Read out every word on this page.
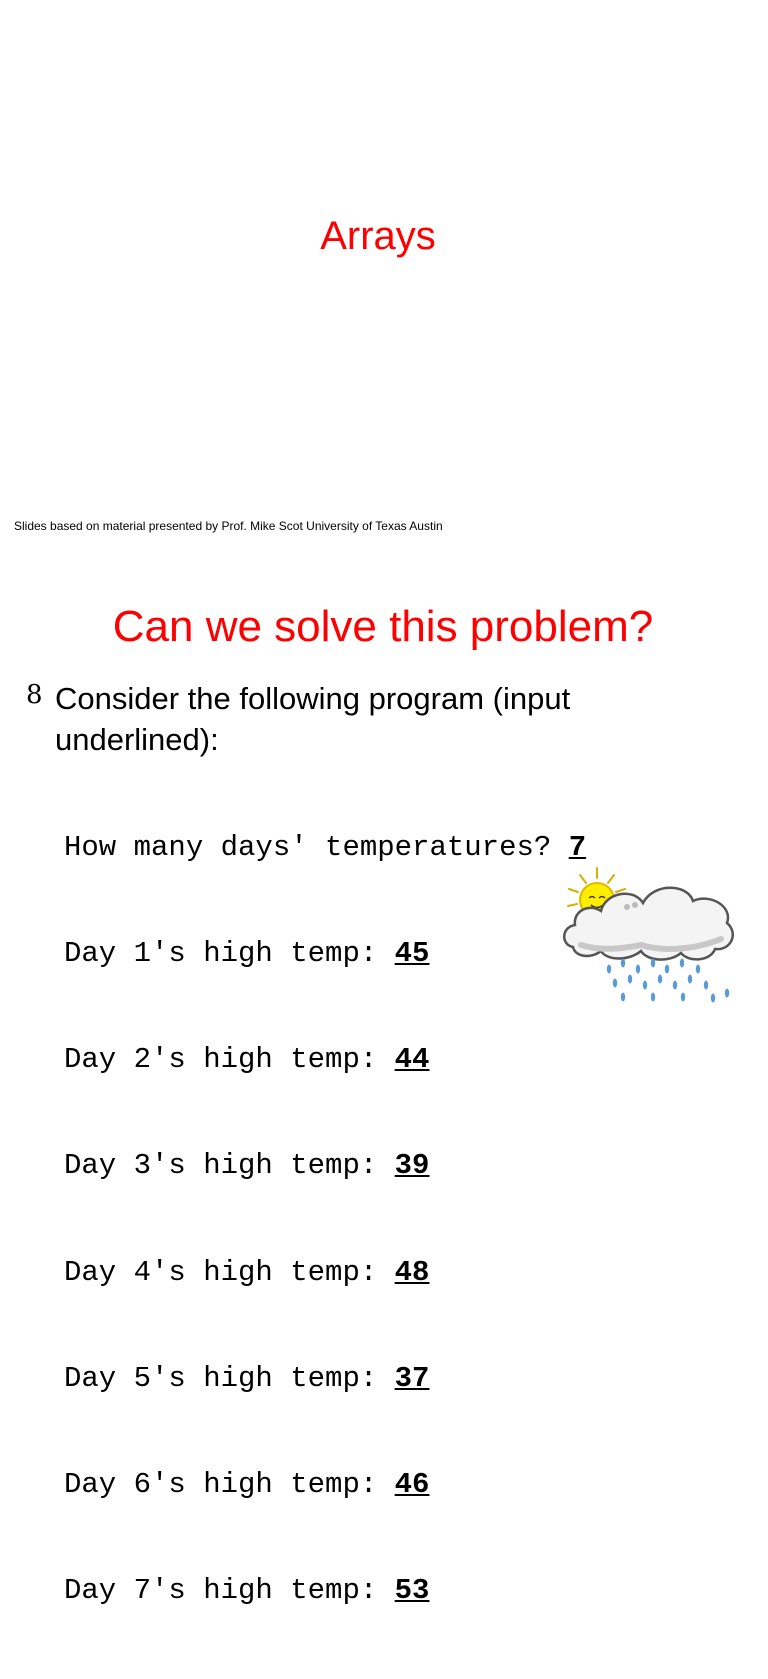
Arrays
Slides based on material presented by Prof. Mike Scot University of Texas Austin
Can we solve this problem?
8 Consider the following program (input underlined):

How many days' temperatures? 7

Day 1's high temp: 45

Day 2's high temp: 44

Day 3's high temp: 39

Day 4's high temp: 48

Day 5's high temp: 37

Day 6's high temp: 46

Day 7's high temp: 53
